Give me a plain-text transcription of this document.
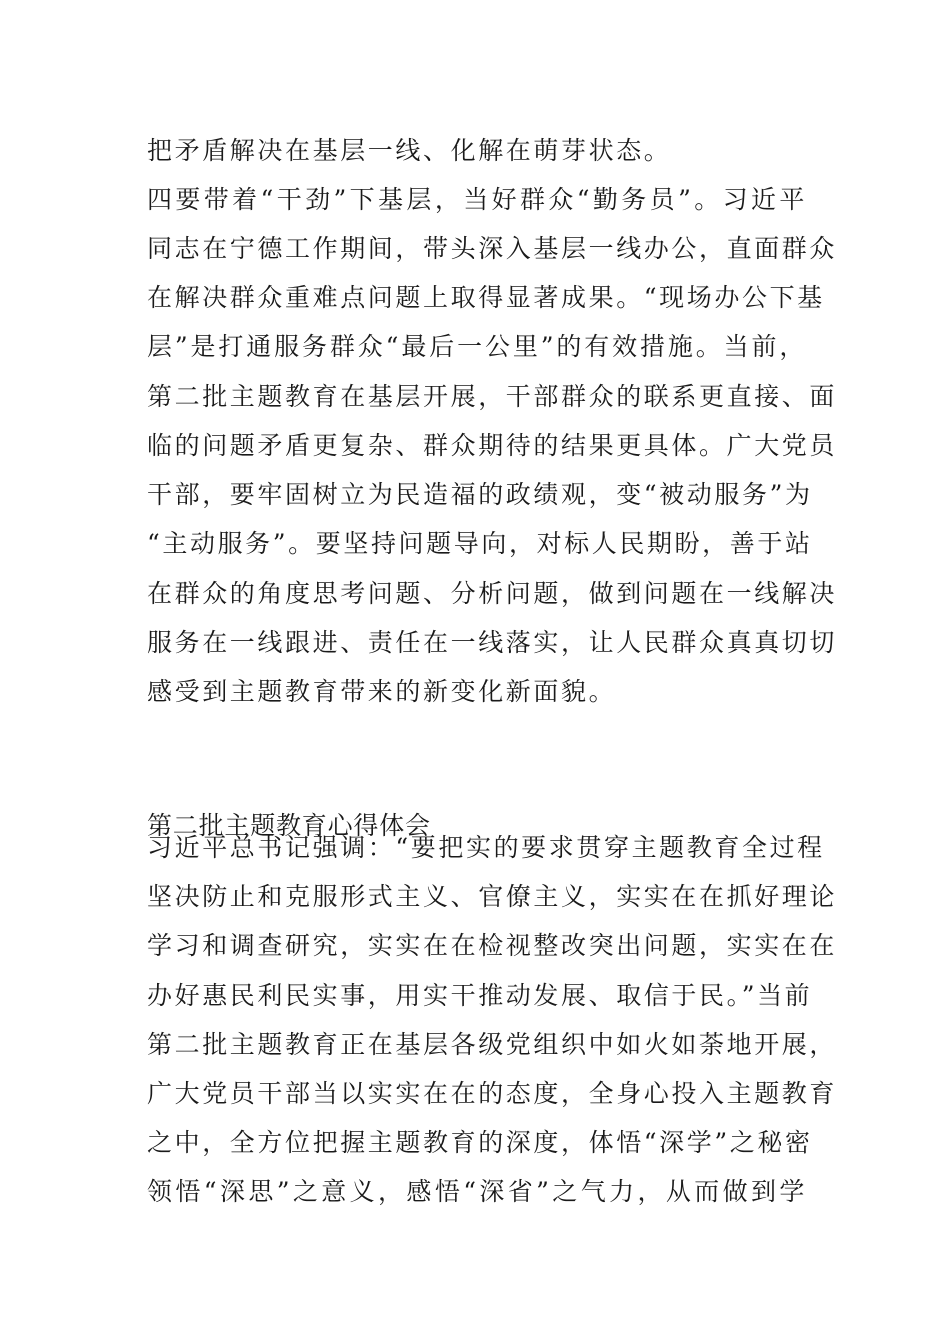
把矛盾解决在基层一线、化解在萌芽状态。
四要带着“干劲”下基层，当好群众“勤务员”。习近平
同志在宁德工作期间，带头深入基层一线办公，直面群众
在解决群众重难点问题上取得显著成果。“现场办公下基
层”是打通服务群众“最后一公里”的有效措施。当前，
第二批主题教育在基层开展，干部群众的联系更直接、面
临的问题矛盾更复杂、群众期待的结果更具体。广大党员
干部，要牢固树立为民造福的政绩观，变“被动服务”为
“主动服务”。要坚持问题导向，对标人民期盼，善于站
在群众的角度思考问题、分析问题，做到问题在一线解决
服务在一线跟进、责任在一线落实，让人民群众真真切切
感受到主题教育带来的新变化新面貌。
第二批主题教育心得体会
习近平总书记强调：“要把实的要求贯穿主题教育全过程
坚决防止和克服形式主义、官僚主义，实实在在抓好理论
学习和调查研究，实实在在检视整改突出问题，实实在在
办好惠民利民实事，用实干推动发展、取信于民。”当前
第二批主题教育正在基层各级党组织中如火如荼地开展，
广大党员干部当以实实在在的态度，全身心投入主题教育
之中，全方位把握主题教育的深度，体悟“深学”之秘密
领悟“深思”之意义，感悟“深省”之气力，从而做到学
